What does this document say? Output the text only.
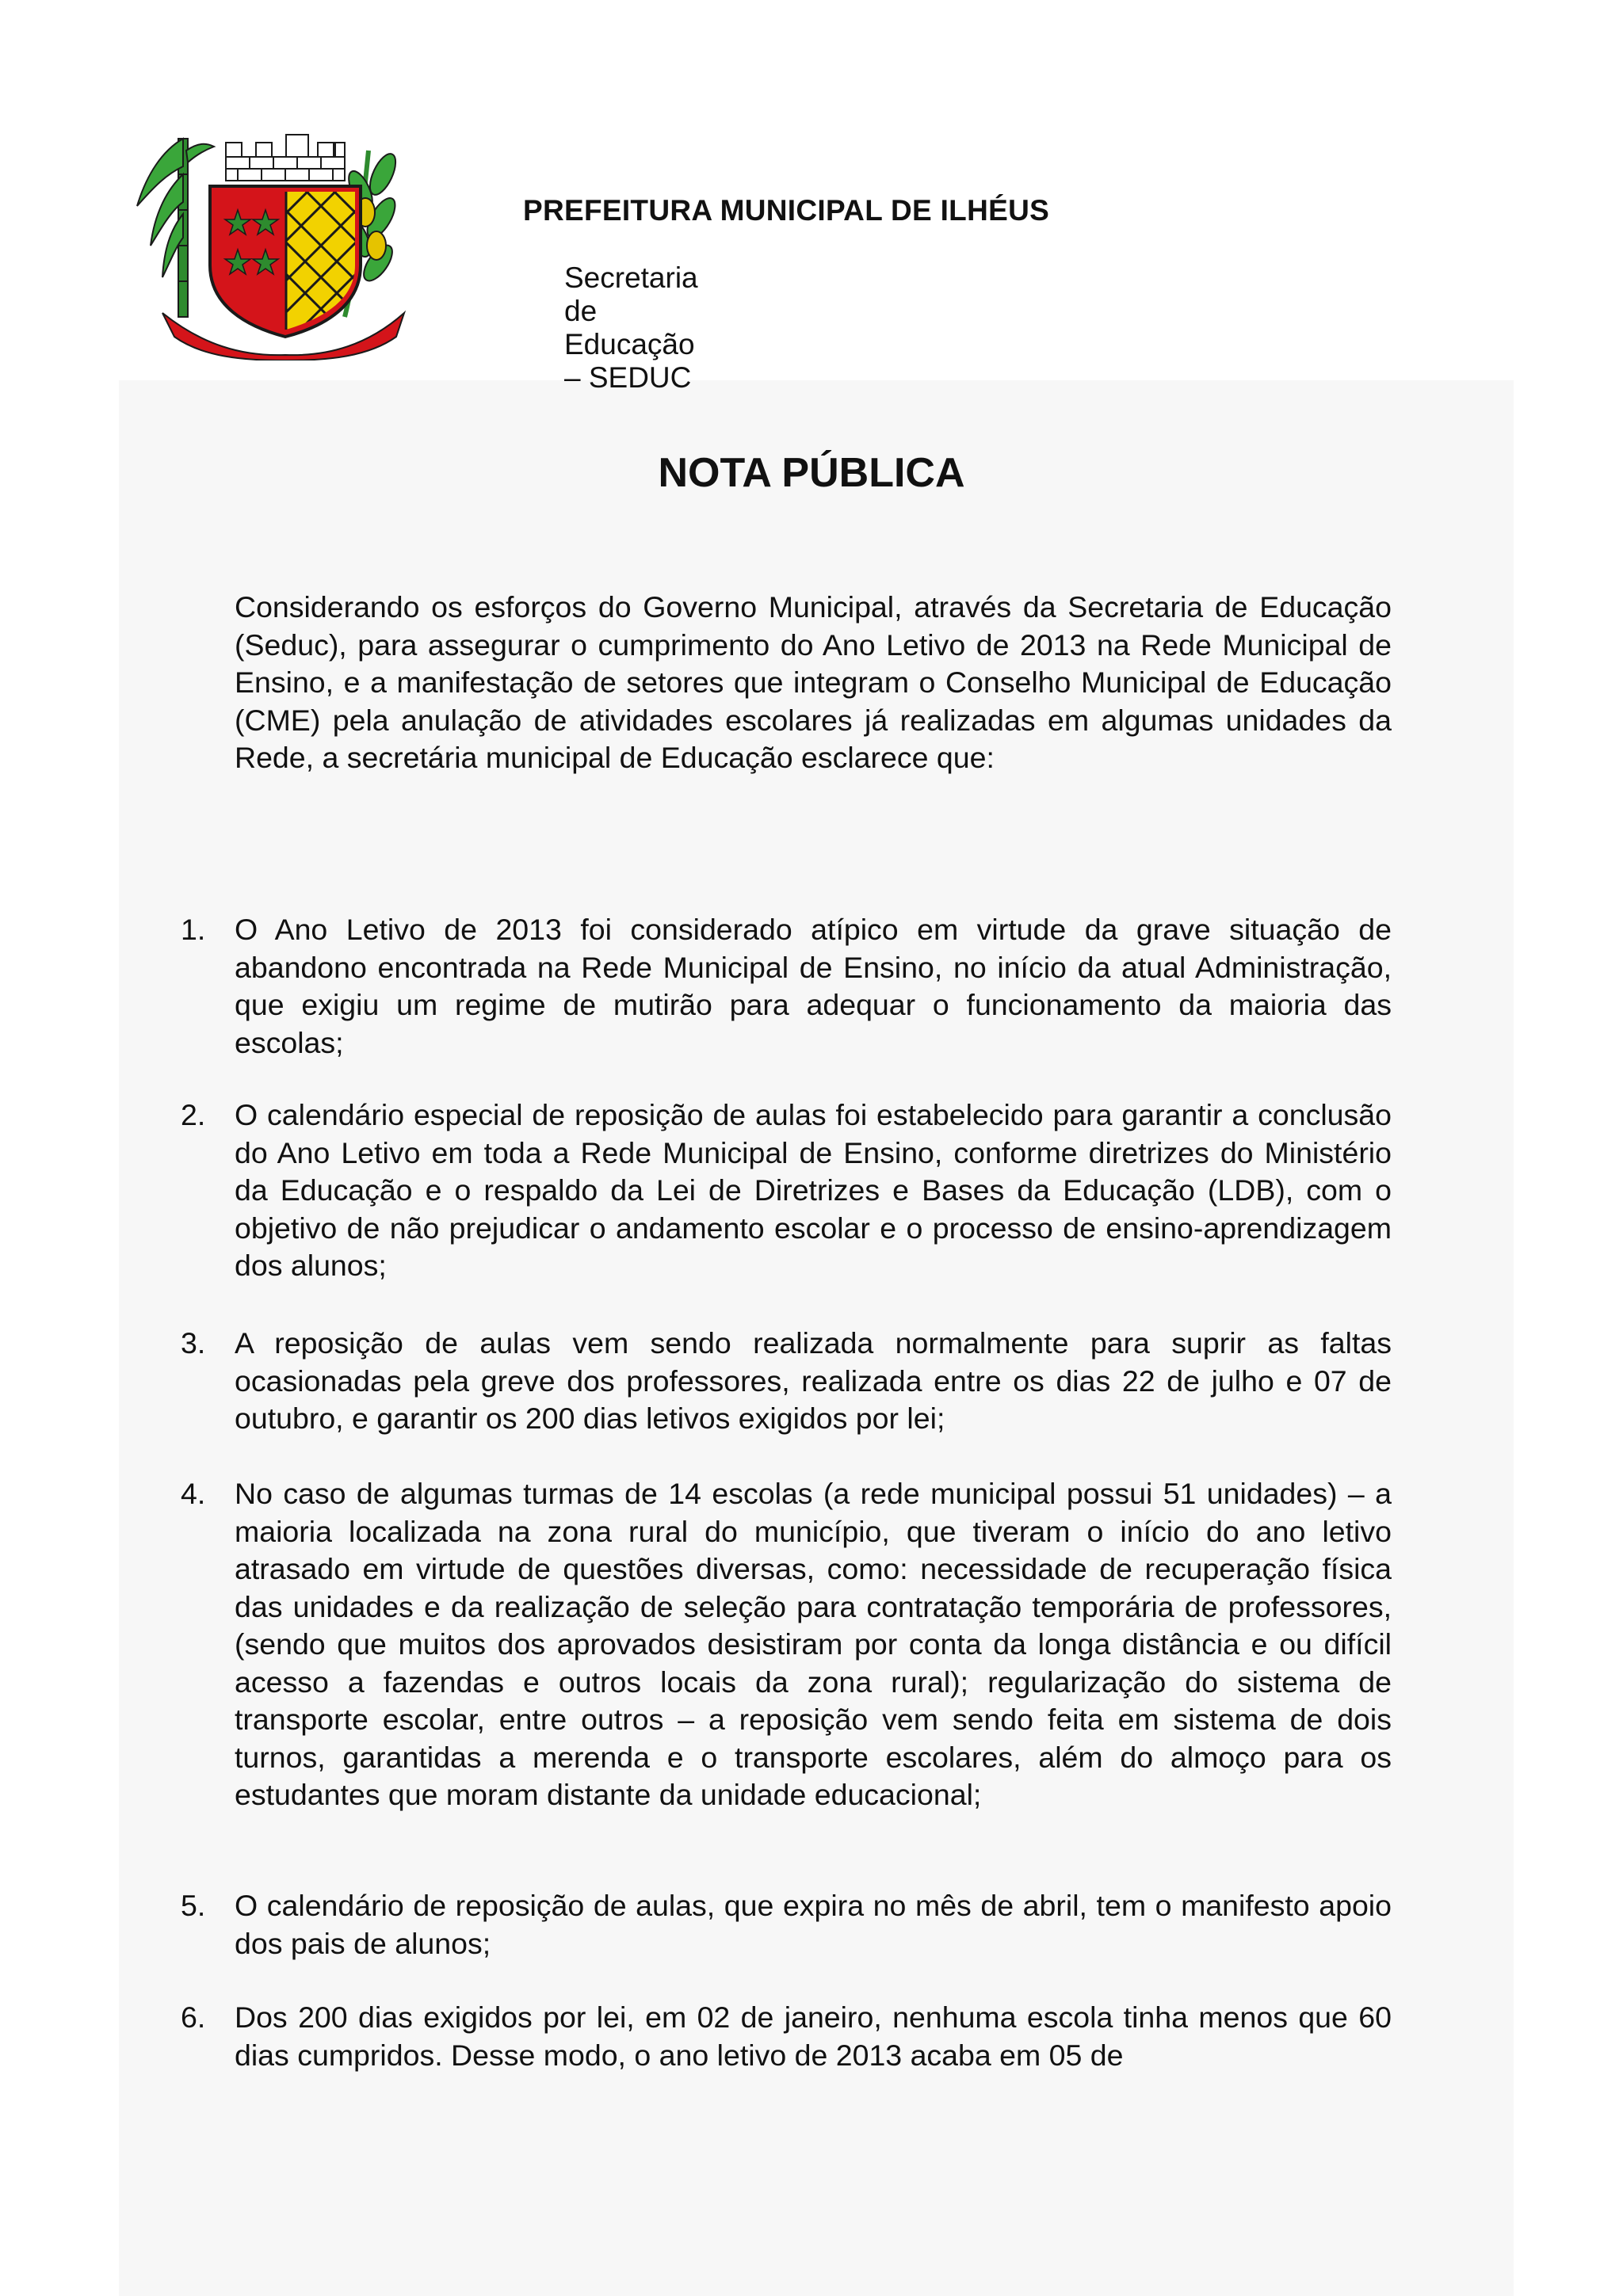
MUNICÍPIO DE ILHÉUS
PREFEITURA MUNICIPAL DE ILHÉUS
Secretaria de Educação – SEDUC
NOTA PÚBLICA

Considerando os esforços do Governo Municipal, através da Secretaria de Educação (Seduc), para assegurar o cumprimento do Ano Letivo de 2013 na Rede Municipal de Ensino, e a manifestação de setores que integram o Conselho Municipal de Educação (CME) pela anulação de atividades escolares já realizadas em algumas unidades da Rede, a secretária municipal de Educação esclarece que:

1. O Ano Letivo de 2013 foi considerado atípico em virtude da grave situação de abandono encontrada na Rede Municipal de Ensino, no início da atual Administração, que exigiu um regime de mutirão para adequar o funcionamento da maioria das escolas;
2. O calendário especial de reposição de aulas foi estabelecido para garantir a conclusão do Ano Letivo em toda a Rede Municipal de Ensino, conforme diretrizes do Ministério da Educação e o respaldo da Lei de Diretrizes e Bases da Educação (LDB), com o objetivo de não prejudicar o andamento escolar e o processo de ensino-aprendizagem dos alunos;
3. A reposição de aulas vem sendo realizada normalmente para suprir as faltas ocasionadas pela greve dos professores, realizada entre os dias 22 de julho e 07 de outubro, e garantir os 200 dias letivos exigidos por lei;
4. No caso de algumas turmas de 14 escolas (a rede municipal possui 51 unidades) – a maioria localizada na zona rural do município, que tiveram o início do ano letivo atrasado em virtude de questões diversas, como: necessidade de recuperação física das unidades e da realização de seleção para contratação temporária de professores, (sendo que muitos dos aprovados desistiram por conta da longa distância e ou difícil acesso a fazendas e outros locais da zona rural); regularização do sistema de transporte escolar, entre outros – a reposição vem sendo feita em sistema de dois turnos, garantidas a merenda e o transporte escolares, além do almoço para os estudantes que moram distante da unidade educacional;
5. O calendário de reposição de aulas, que expira no mês de abril, tem o manifesto apoio dos pais de alunos;
6. Dos 200 dias exigidos por lei, em 02 de janeiro, nenhuma escola tinha menos que 60 dias cumpridos. Desse modo, o ano letivo de 2013 acaba em 05 de
